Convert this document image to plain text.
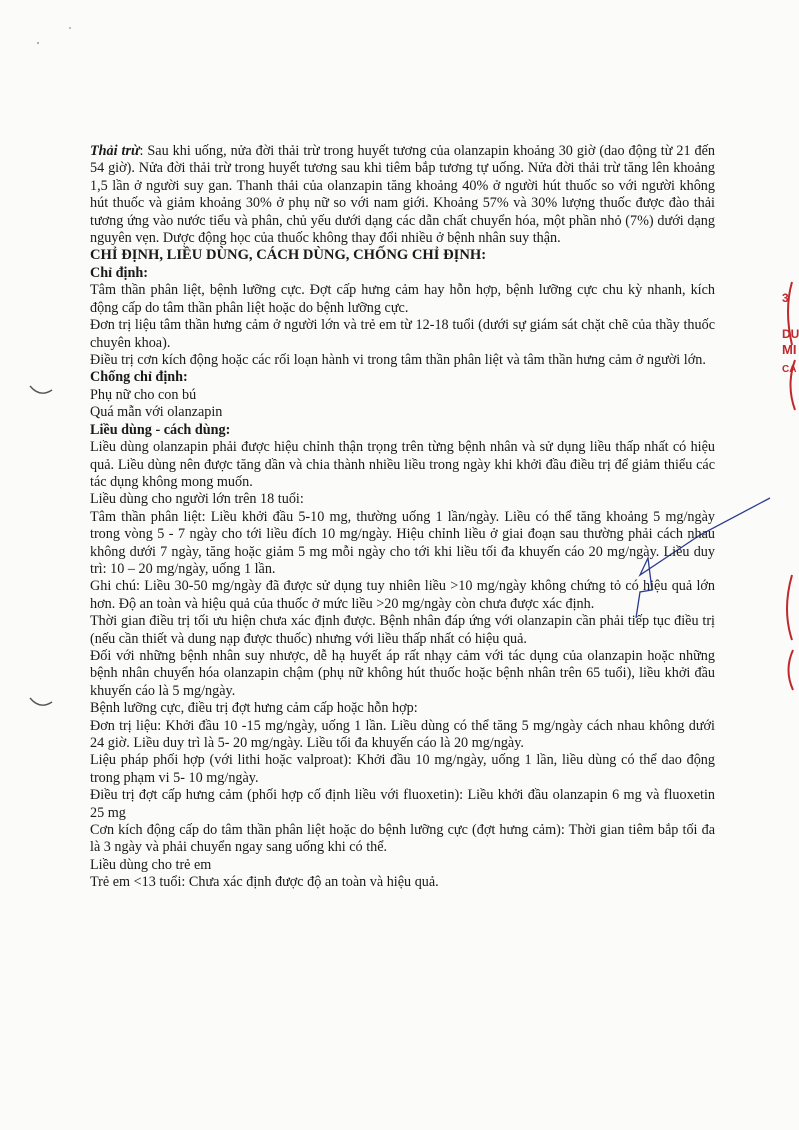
3
DU
MI
CA

Thải trừ: Sau khi uống, nửa đời thải trừ trong huyết tương của olanzapin khoảng 30 giờ (dao động từ 21 đến 54 giờ). Nửa đời thải trừ trong huyết tương sau khi tiêm bắp tương tự uống. Nửa đời thải trừ tăng lên khoảng 1,5 lần ở người suy gan. Thanh thải của olanzapin tăng khoảng 40% ở người hút thuốc so với người không hút thuốc và giảm khoảng 30% ở phụ nữ so với nam giới. Khoảng 57% và 30% lượng thuốc được đào thải tương ứng vào nước tiểu và phân, chủ yếu dưới dạng các dẫn chất chuyển hóa, một phần nhỏ (7%) dưới dạng nguyên vẹn. Dược động học của thuốc không thay đổi nhiều ở bệnh nhân suy thận.

CHỈ ĐỊNH, LIỀU DÙNG, CÁCH DÙNG, CHỐNG CHỈ ĐỊNH:

Chỉ định:

Tâm thần phân liệt, bệnh lưỡng cực. Đợt cấp hưng cảm hay hỗn hợp, bệnh lưỡng cực chu kỳ nhanh, kích động cấp do tâm thần phân liệt hoặc do bệnh lưỡng cực.

Đơn trị liệu tâm thần hưng cảm ở người lớn và trẻ em từ 12-18 tuổi (dưới sự giám sát chặt chẽ của thầy thuốc chuyên khoa).

Điều trị cơn kích động hoặc các rối loạn hành vi trong tâm thần phân liệt và tâm thần hưng cảm ở người lớn.

Chống chỉ định:

Phụ nữ cho con bú

Quá mẫn với olanzapin

Liều dùng - cách dùng:

Liều dùng olanzapin phải được hiệu chỉnh thận trọng trên từng bệnh nhân và sử dụng liều thấp nhất có hiệu quả. Liều dùng nên được tăng dần và chia thành nhiều liều trong ngày khi khởi đầu điều trị để giảm thiểu các tác dụng không mong muốn.

Liều dùng cho người lớn trên 18 tuổi:

Tâm thần phân liệt: Liều khởi đầu 5-10 mg, thường uống 1 lần/ngày. Liều có thể tăng khoảng 5 mg/ngày trong vòng 5 - 7 ngày cho tới liều đích 10 mg/ngày. Hiệu chỉnh liều ở giai đoạn sau thường phải cách nhau không dưới 7 ngày, tăng hoặc giảm 5 mg mỗi ngày cho tới khi liều tối đa khuyến cáo 20 mg/ngày. Liều duy trì: 10 – 20 mg/ngày, uống 1 lần.

Ghi chú: Liều 30-50 mg/ngày đã được sử dụng tuy nhiên liều >10 mg/ngày không chứng tỏ có hiệu quả lớn hơn. Độ an toàn và hiệu quả của thuốc ở mức liều >20 mg/ngày còn chưa được xác định.

Thời gian điều trị tối ưu hiện chưa xác định được. Bệnh nhân đáp ứng với olanzapin cần phải tiếp tục điều trị (nếu cần thiết và dung nạp được thuốc) nhưng với liều thấp nhất có hiệu quả.

Đối với những bệnh nhân suy nhược, dễ hạ huyết áp rất nhạy cảm với tác dụng của olanzapin hoặc những bệnh nhân chuyển hóa olanzapin chậm (phụ nữ không hút thuốc hoặc bệnh nhân trên 65 tuổi), liều khởi đầu khuyến cáo là 5 mg/ngày.

Bệnh lưỡng cực, điều trị đợt hưng cảm cấp hoặc hỗn hợp:

Đơn trị liệu: Khởi đầu 10 -15 mg/ngày, uống 1 lần. Liều dùng có thể tăng 5 mg/ngày cách nhau không dưới 24 giờ. Liều duy trì là 5- 20 mg/ngày. Liều tối đa khuyến cáo là 20 mg/ngày.

Liệu pháp phối hợp (với lithi hoặc valproat): Khởi đầu 10 mg/ngày, uống 1 lần, liều dùng có thể dao động trong phạm vi 5- 10 mg/ngày.

Điều trị đợt cấp hưng cảm (phối hợp cố định liều với fluoxetin): Liều khởi đầu olanzapin 6 mg và fluoxetin 25 mg

Cơn kích động cấp do tâm thần phân liệt hoặc do bệnh lưỡng cực (đợt hưng cảm): Thời gian tiêm bắp tối đa là 3 ngày và phải chuyển ngay sang uống khi có thể.

Liều dùng cho trẻ em

Trẻ em <13 tuổi: Chưa xác định được độ an toàn và hiệu quả.
